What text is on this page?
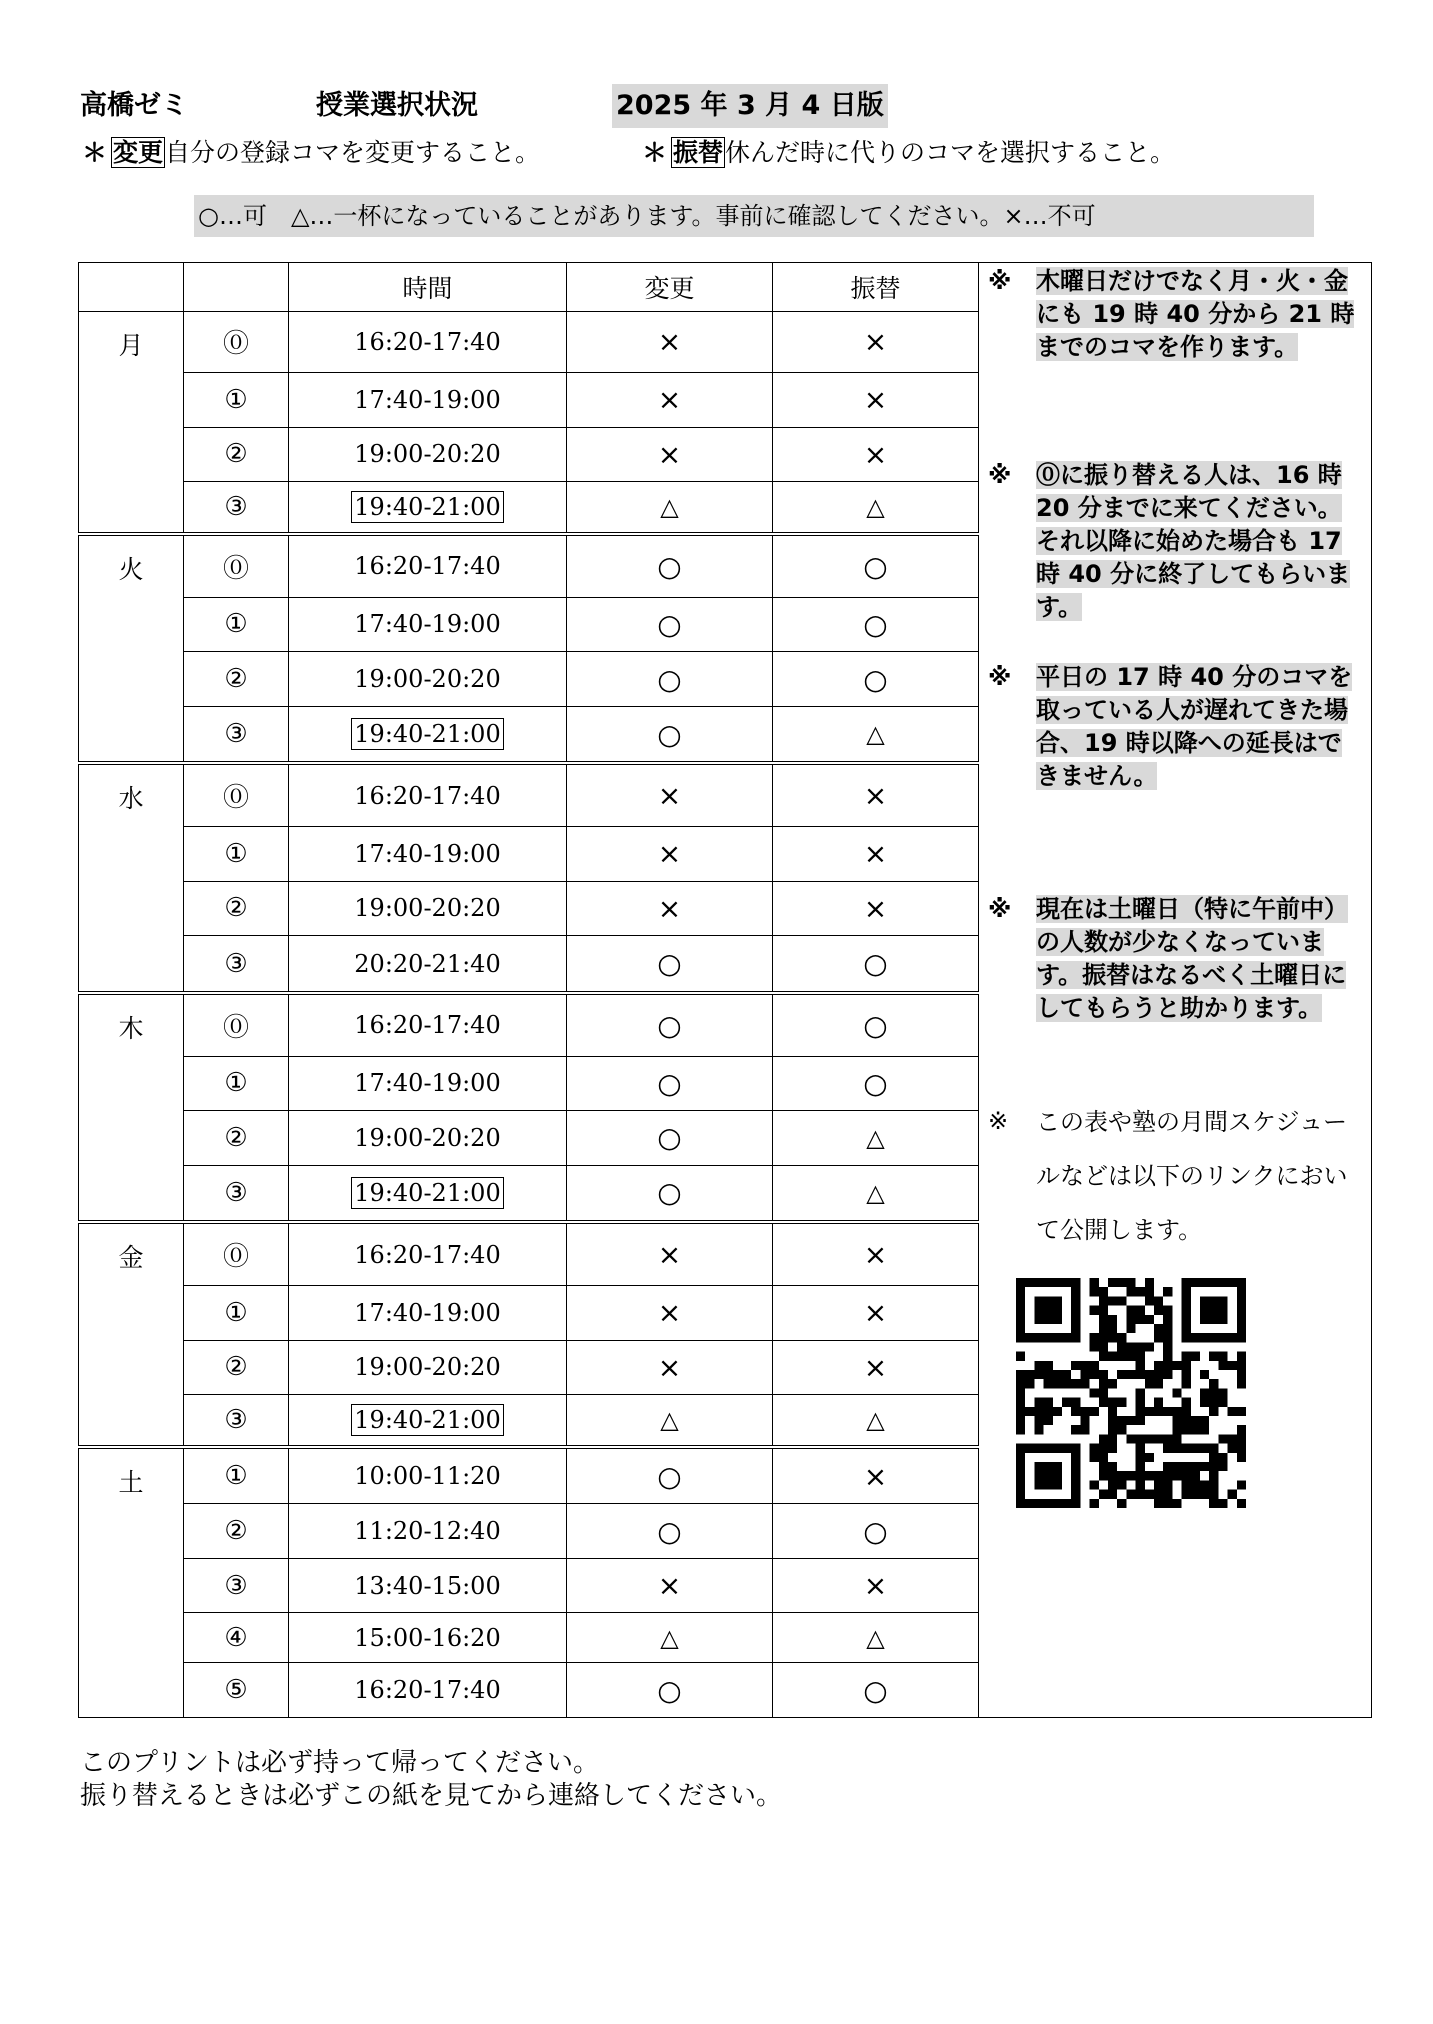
高橋ゼミ	授業選択状況	2025 年 3 月 4 日版
＊ 変更自分の登録コマを変更すること。	＊ 振替休んだ時に代りのコマを選択すること。
○…可　△…一杯になっていることがあります。事前に確認してください。×…不可
		時間	変更	振替
月	⓪	16:20-17:40	×	×
	①	17:40-19:00	×	×
	②	19:00-20:20	×	×
	③	19:40-21:00	△	△
火	⓪	16:20-17:40	○	○
	①	17:40-19:00	○	○
	②	19:00-20:20	○	○
	③	19:40-21:00	○	△
水	⓪	16:20-17:40	×	×
	①	17:40-19:00	×	×
	②	19:00-20:20	×	×
	③	20:20-21:40	○	○
木	⓪	16:20-17:40	○	○
	①	17:40-19:00	○	○
	②	19:00-20:20	○	△
	③	19:40-21:00	○	△
金	⓪	16:20-17:40	×	×
	①	17:40-19:00	×	×
	②	19:00-20:20	×	×
	③	19:40-21:00	△	△
土	①	10:00-11:20	○	×
	②	11:20-12:40	○	○
	③	13:40-15:00	×	×
	④	15:00-16:20	△	△
	⑤	16:20-17:40	○	○
※ 木曜日だけでなく月・火・金にも 19 時 40 分から 21 時までのコマを作ります。
※ ⓪に振り替える人は、16 時 20 分までに来てください。それ以降に始めた場合も 17 時 40 分に終了してもらいます。
※ 平日の 17 時 40 分のコマを取っている人が遅れてきた場合、19 時以降への延長はできません。
※ 現在は土曜日（特に午前中）の人数が少なくなっています。振替はなるべく土曜日にしてもらうと助かります。
※ この表や塾の月間スケジュールなどは以下のリンクにおいて公開します。
このプリントは必ず持って帰ってください。
振り替えるときは必ずこの紙を見てから連絡してください。
